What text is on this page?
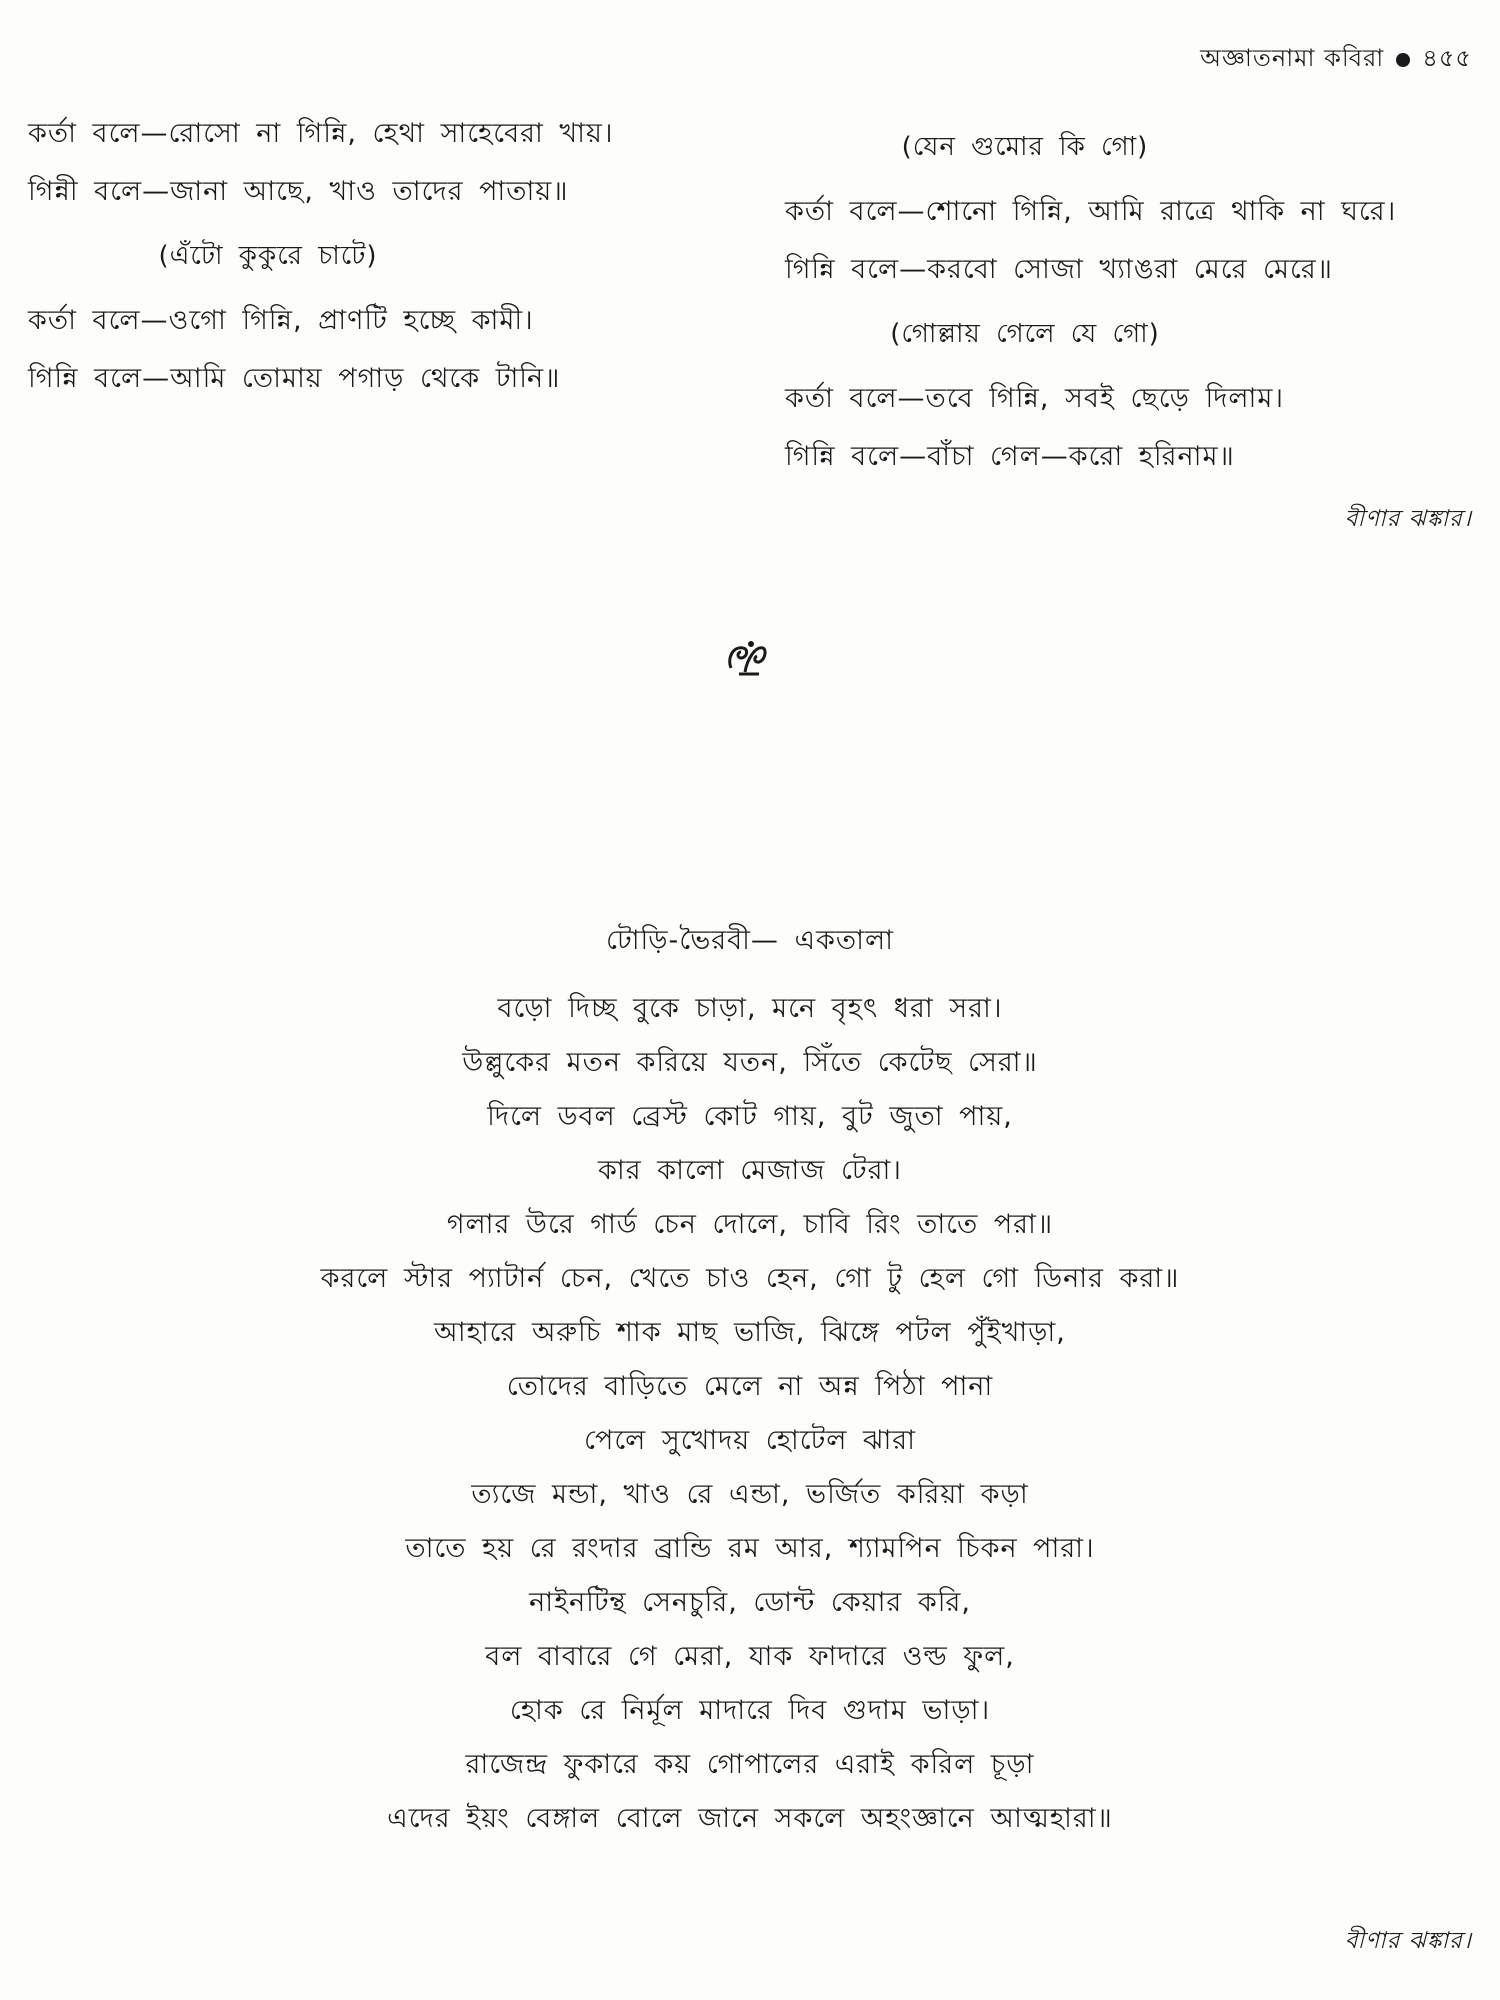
অজ্ঞাতনামা কবিরা ৪৫৫
কর্তা বলে—রোসো না গিন্নি, হেথা সাহেবেরা খায়।
গিন্নী বলে—জানা আছে, খাও তাদের পাতায়॥
(এঁটো কুকুরে চাটে)
কর্তা বলে—ওগো গিন্নি, প্রাণটি হচ্ছে কামী।
গিন্নি বলে—আমি তোমায় পগাড় থেকে টানি॥
(যেন গুমোর কি গো)
কর্তা বলে—শোনো গিন্নি, আমি রাত্রে থাকি না ঘরে।
গিন্নি বলে—করবো সোজা খ্যাঙরা মেরে মেরে॥
(গোল্লায় গেলে যে গো)
কর্তা বলে—তবে গিন্নি, সবই ছেড়ে দিলাম।
গিন্নি বলে—বাঁচা গেল—করো হরিনাম॥
বীণার ঝঙ্কার।
টোড়ি-ভৈরবী— একতালা
বড়ো দিচ্ছ বুকে চাড়া, মনে বৃহৎ ধরা সরা।
উল্লুকের মতন করিয়ে যতন, সিঁতে কেটেছ সেরা॥
দিলে ডবল ব্রেস্ট কোট গায়, বুট জুতা পায়,
কার কালো মেজাজ টেরা।
গলার উরে গার্ড চেন দোলে, চাবি রিং তাতে পরা॥
করলে স্টার প্যাটার্ন চেন, খেতে চাও হেন, গো টু হেল গো ডিনার করা॥
আহারে অরুচি শাক মাছ ভাজি, ঝিঙ্গে পটল পুঁইখাড়া,
তোদের বাড়িতে মেলে না অন্ন পিঠা পানা
পেলে সুখোদয় হোটেল ঝারা
ত্যজে মন্ডা, খাও রে এন্ডা, ভর্জিত করিয়া কড়া
তাতে হয় রে রংদার ব্রান্ডি রম আর, শ্যামপিন চিকন পারা।
নাইনটিন্থ সেনচুরি, ডোন্ট কেয়ার করি,
বল বাবারে গে মেরা, যাক ফাদারে ওল্ড ফুল,
হোক রে নির্মূল মাদারে দিব গুদাম ভাড়া।
রাজেন্দ্র ফুকারে কয় গোপালের এরাই করিল চূড়া
এদের ইয়ং বেঙ্গাল বোলে জানে সকলে অহংজ্ঞানে আত্মহারা॥
বীণার ঝঙ্কার।
